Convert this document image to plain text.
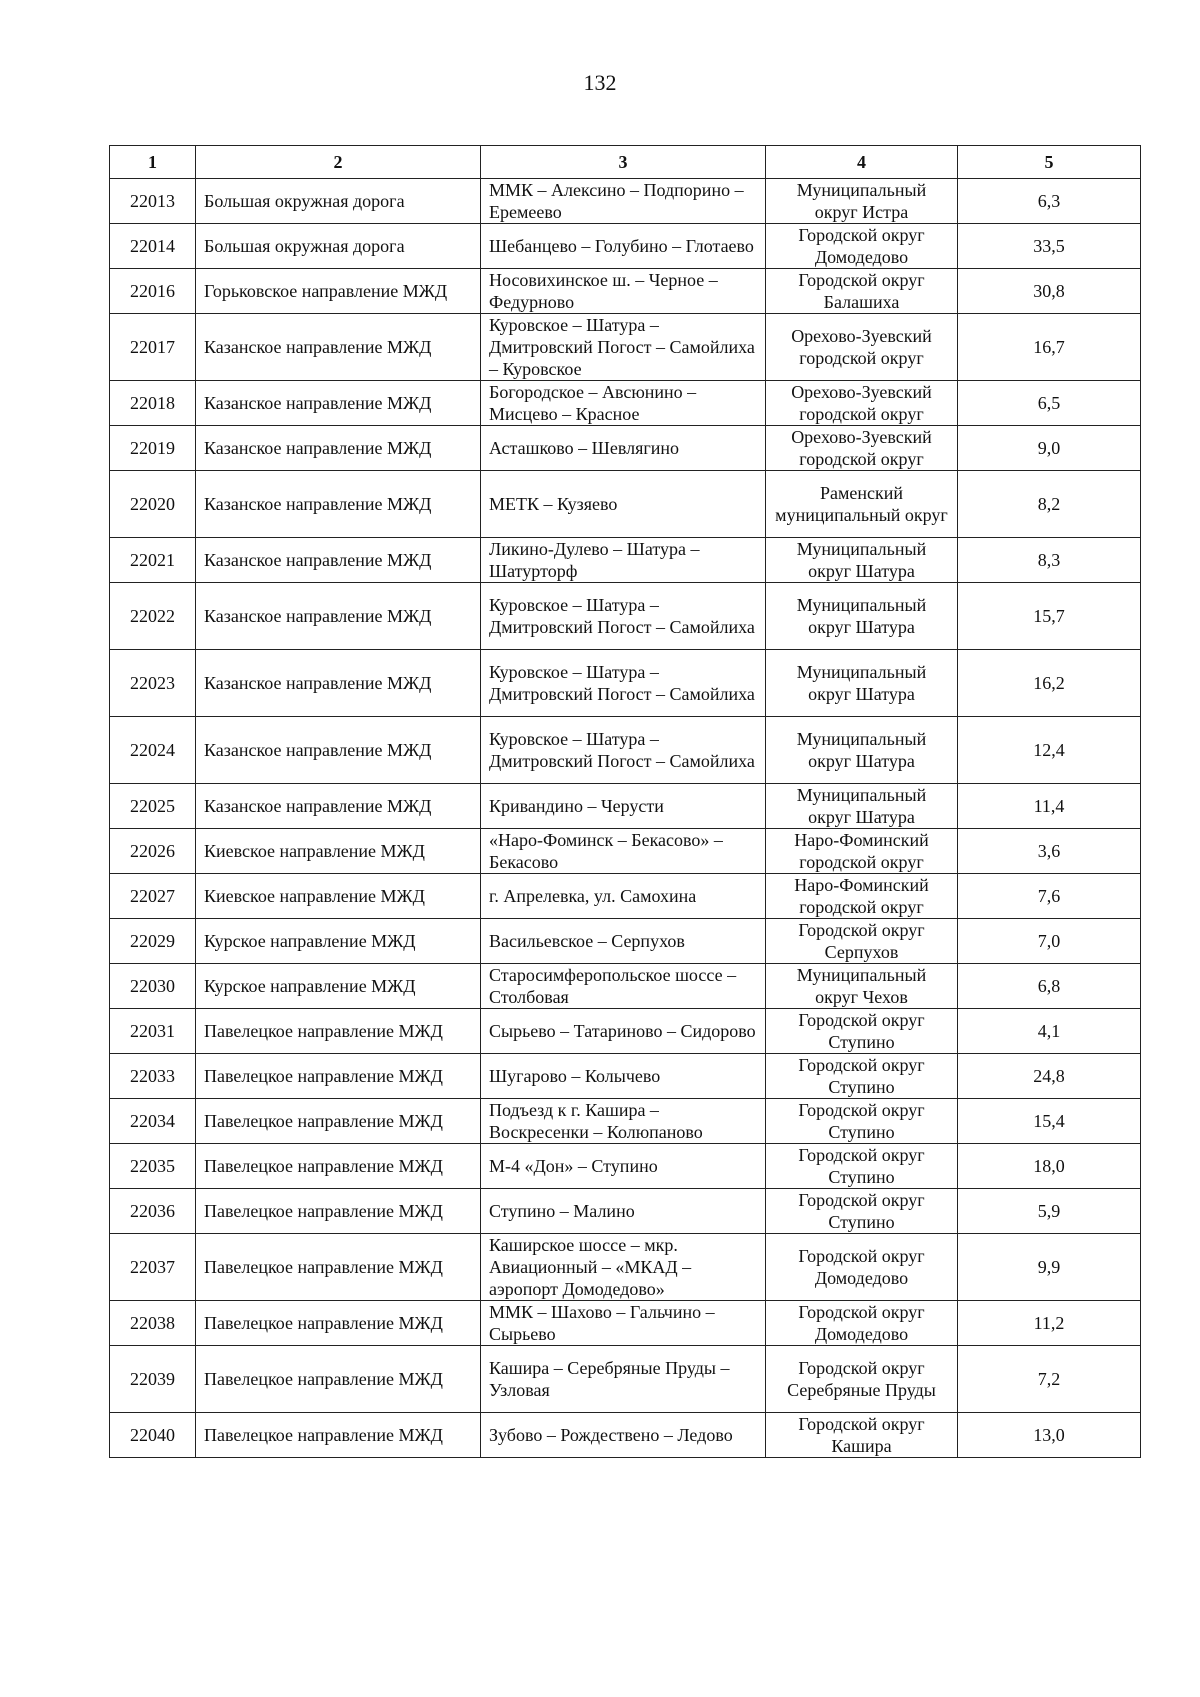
132
1	2	3	4	5
22013	Большая окружная дорога	ММК – Алексино – Подпорино – Еремеево	Муниципальный округ Истра	6,3
22014	Большая окружная дорога	Шебанцево – Голубино – Глотаево	Городской округ Домодедово	33,5
22016	Горьковское направление МЖД	Носовихинское ш. – Черное – Федурново	Городской округ Балашиха	30,8
22017	Казанское направление МЖД	Куровское – Шатура – Дмитровский Погост – Самойлиха – Куровское	Орехово-Зуевский городской округ	16,7
22018	Казанское направление МЖД	Богородское – Авсюнино – Мисцево – Красное	Орехово-Зуевский городской округ	6,5
22019	Казанское направление МЖД	Асташково – Шевлягино	Орехово-Зуевский городской округ	9,0
22020	Казанское направление МЖД	МЕТК – Кузяево	Раменский муниципальный округ	8,2
22021	Казанское направление МЖД	Ликино-Дулево – Шатура – Шатурторф	Муниципальный округ Шатура	8,3
22022	Казанское направление МЖД	Куровское – Шатура – Дмитровский Погост – Самойлиха	Муниципальный округ Шатура	15,7
22023	Казанское направление МЖД	Куровское – Шатура – Дмитровский Погост – Самойлиха	Муниципальный округ Шатура	16,2
22024	Казанское направление МЖД	Куровское – Шатура – Дмитровский Погост – Самойлиха	Муниципальный округ Шатура	12,4
22025	Казанское направление МЖД	Кривандино – Черусти	Муниципальный округ Шатура	11,4
22026	Киевское направление МЖД	«Наро-Фоминск – Бекасово» – Бекасово	Наро-Фоминский городской округ	3,6
22027	Киевское направление МЖД	г. Апрелевка, ул. Самохина	Наро-Фоминский городской округ	7,6
22029	Курское направление МЖД	Васильевское – Серпухов	Городской округ Серпухов	7,0
22030	Курское направление МЖД	Старосимферопольское шоссе – Столбовая	Муниципальный округ Чехов	6,8
22031	Павелецкое направление МЖД	Сырьево – Татариново – Сидорово	Городской округ Ступино	4,1
22033	Павелецкое направление МЖД	Шугарово – Колычево	Городской округ Ступино	24,8
22034	Павелецкое направление МЖД	Подъезд к г. Кашира – Воскресенки – Колюпаново	Городской округ Ступино	15,4
22035	Павелецкое направление МЖД	М-4 «Дон» – Ступино	Городской округ Ступино	18,0
22036	Павелецкое направление МЖД	Ступино – Малино	Городской округ Ступино	5,9
22037	Павелецкое направление МЖД	Каширское шоссе – мкр. Авиационный – «МКАД – аэропорт Домодедово»	Городской округ Домодедово	9,9
22038	Павелецкое направление МЖД	ММК – Шахово – Гальчино – Сырьево	Городской округ Домодедово	11,2
22039	Павелецкое направление МЖД	Кашира – Серебряные Пруды – Узловая	Городской округ Серебряные Пруды	7,2
22040	Павелецкое направление МЖД	Зубово – Рождествено – Ледово	Городской округ Кашира	13,0
